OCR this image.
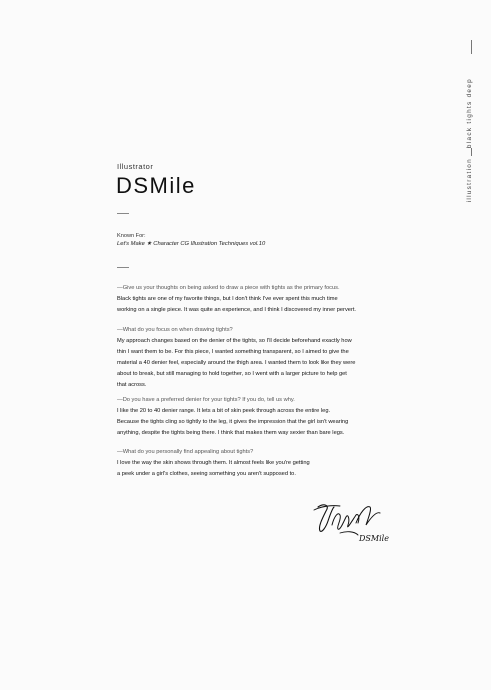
black tights deep
illustration
Illustrator
DSMile
Known For:
Let's Make ★ Character CG Illustration Techniques vol.10
—Give us your thoughts on being asked to draw a piece with tights as the primary focus.
Black tights are one of my favorite things, but I don't think I've ever spent this much time
working on a single piece. It was quite an experience, and I think I discovered my inner pervert.
—What do you focus on when drawing tights?
My approach changes based on the denier of the tights, so I'll decide beforehand exactly how
thin I want them to be. For this piece, I wanted something transparent, so I aimed to give the
material a 40 denier feel, especially around the thigh area. I wanted them to look like they were
about to break, but still managing to hold together, so I went with a larger picture to help get
that across.
—Do you have a preferred denier for your tights? If you do, tell us why.
I like the 20 to 40 denier range. It lets a bit of skin peek through across the entire leg.
Because the tights cling so tightly to the leg, it gives the impression that the girl isn't wearing
anything, despite the tights being there. I think that makes them way sexier than bare legs.
—What do you personally find appealing about tights?
I love the way the skin shows through them. It almost feels like you're getting
a peek under a girl's clothes, seeing something you aren't supposed to.
DSMile
